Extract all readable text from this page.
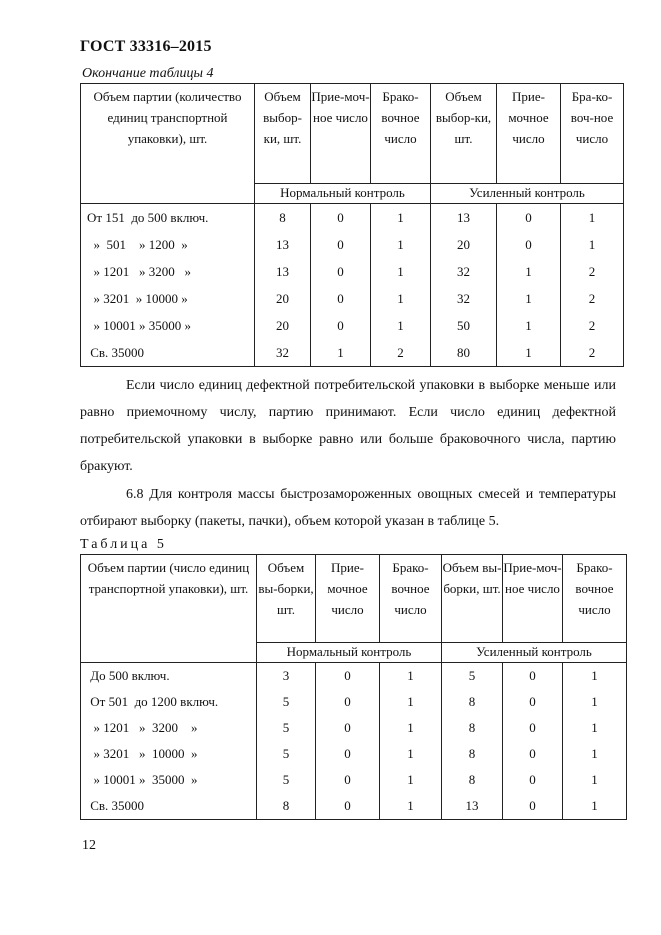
ГОСТ 33316–2015
Окончание таблицы 4
Объем партии (количество единиц транспортной упаковки), шт.	Объем выбор-ки, шт.	Прие-моч-ное число	Брако-вочное число	Объем выбор-ки, шт.	Прие-мочное число	Бра-ко-воч-ное число
	Нормальный контроль			Усиленный контроль		
От 151  до 500 включ.	8	0	1	13	0	1
»  501    » 1200  »	13	0	1	20	0	1
» 1201   » 3200   »	13	0	1	32	1	2
» 3201  » 10000 »	20	0	1	32	1	2
» 10001 » 35000 »	20	0	1	50	1	2
Св. 35000	32	1	2	80	1	2
Если число единиц дефектной потребительской упаковки в выборке меньше или равно приемочному числу, партию принимают. Если число единиц дефектной потребительской упаковки в выборке равно или больше браковочного числа, партию бракуют.
6.8 Для контроля массы быстрозамороженных овощных смесей и температуры отбирают выборку (пакеты, пачки), объем которой указан в таблице 5.
Таблица 5
Объем партии (число единиц транспортной упаковки), шт.	Объем вы-борки, шт.	Прие-мочное число	Брако-вочное число	Объем вы-борки, шт.	Прие-моч-ное число	Брако-вочное число
	Нормальный контроль			Усиленный контроль		
До 500 включ.	3	0	1	5	0	1
От 501  до 1200 включ.	5	0	1	8	0	1
» 1201   »  3200    »	5	0	1	8	0	1
» 3201   »  10000  »	5	0	1	8	0	1
» 10001 »  35000  »	5	0	1	8	0	1
Св. 35000	8	0	1	13	0	1
12
